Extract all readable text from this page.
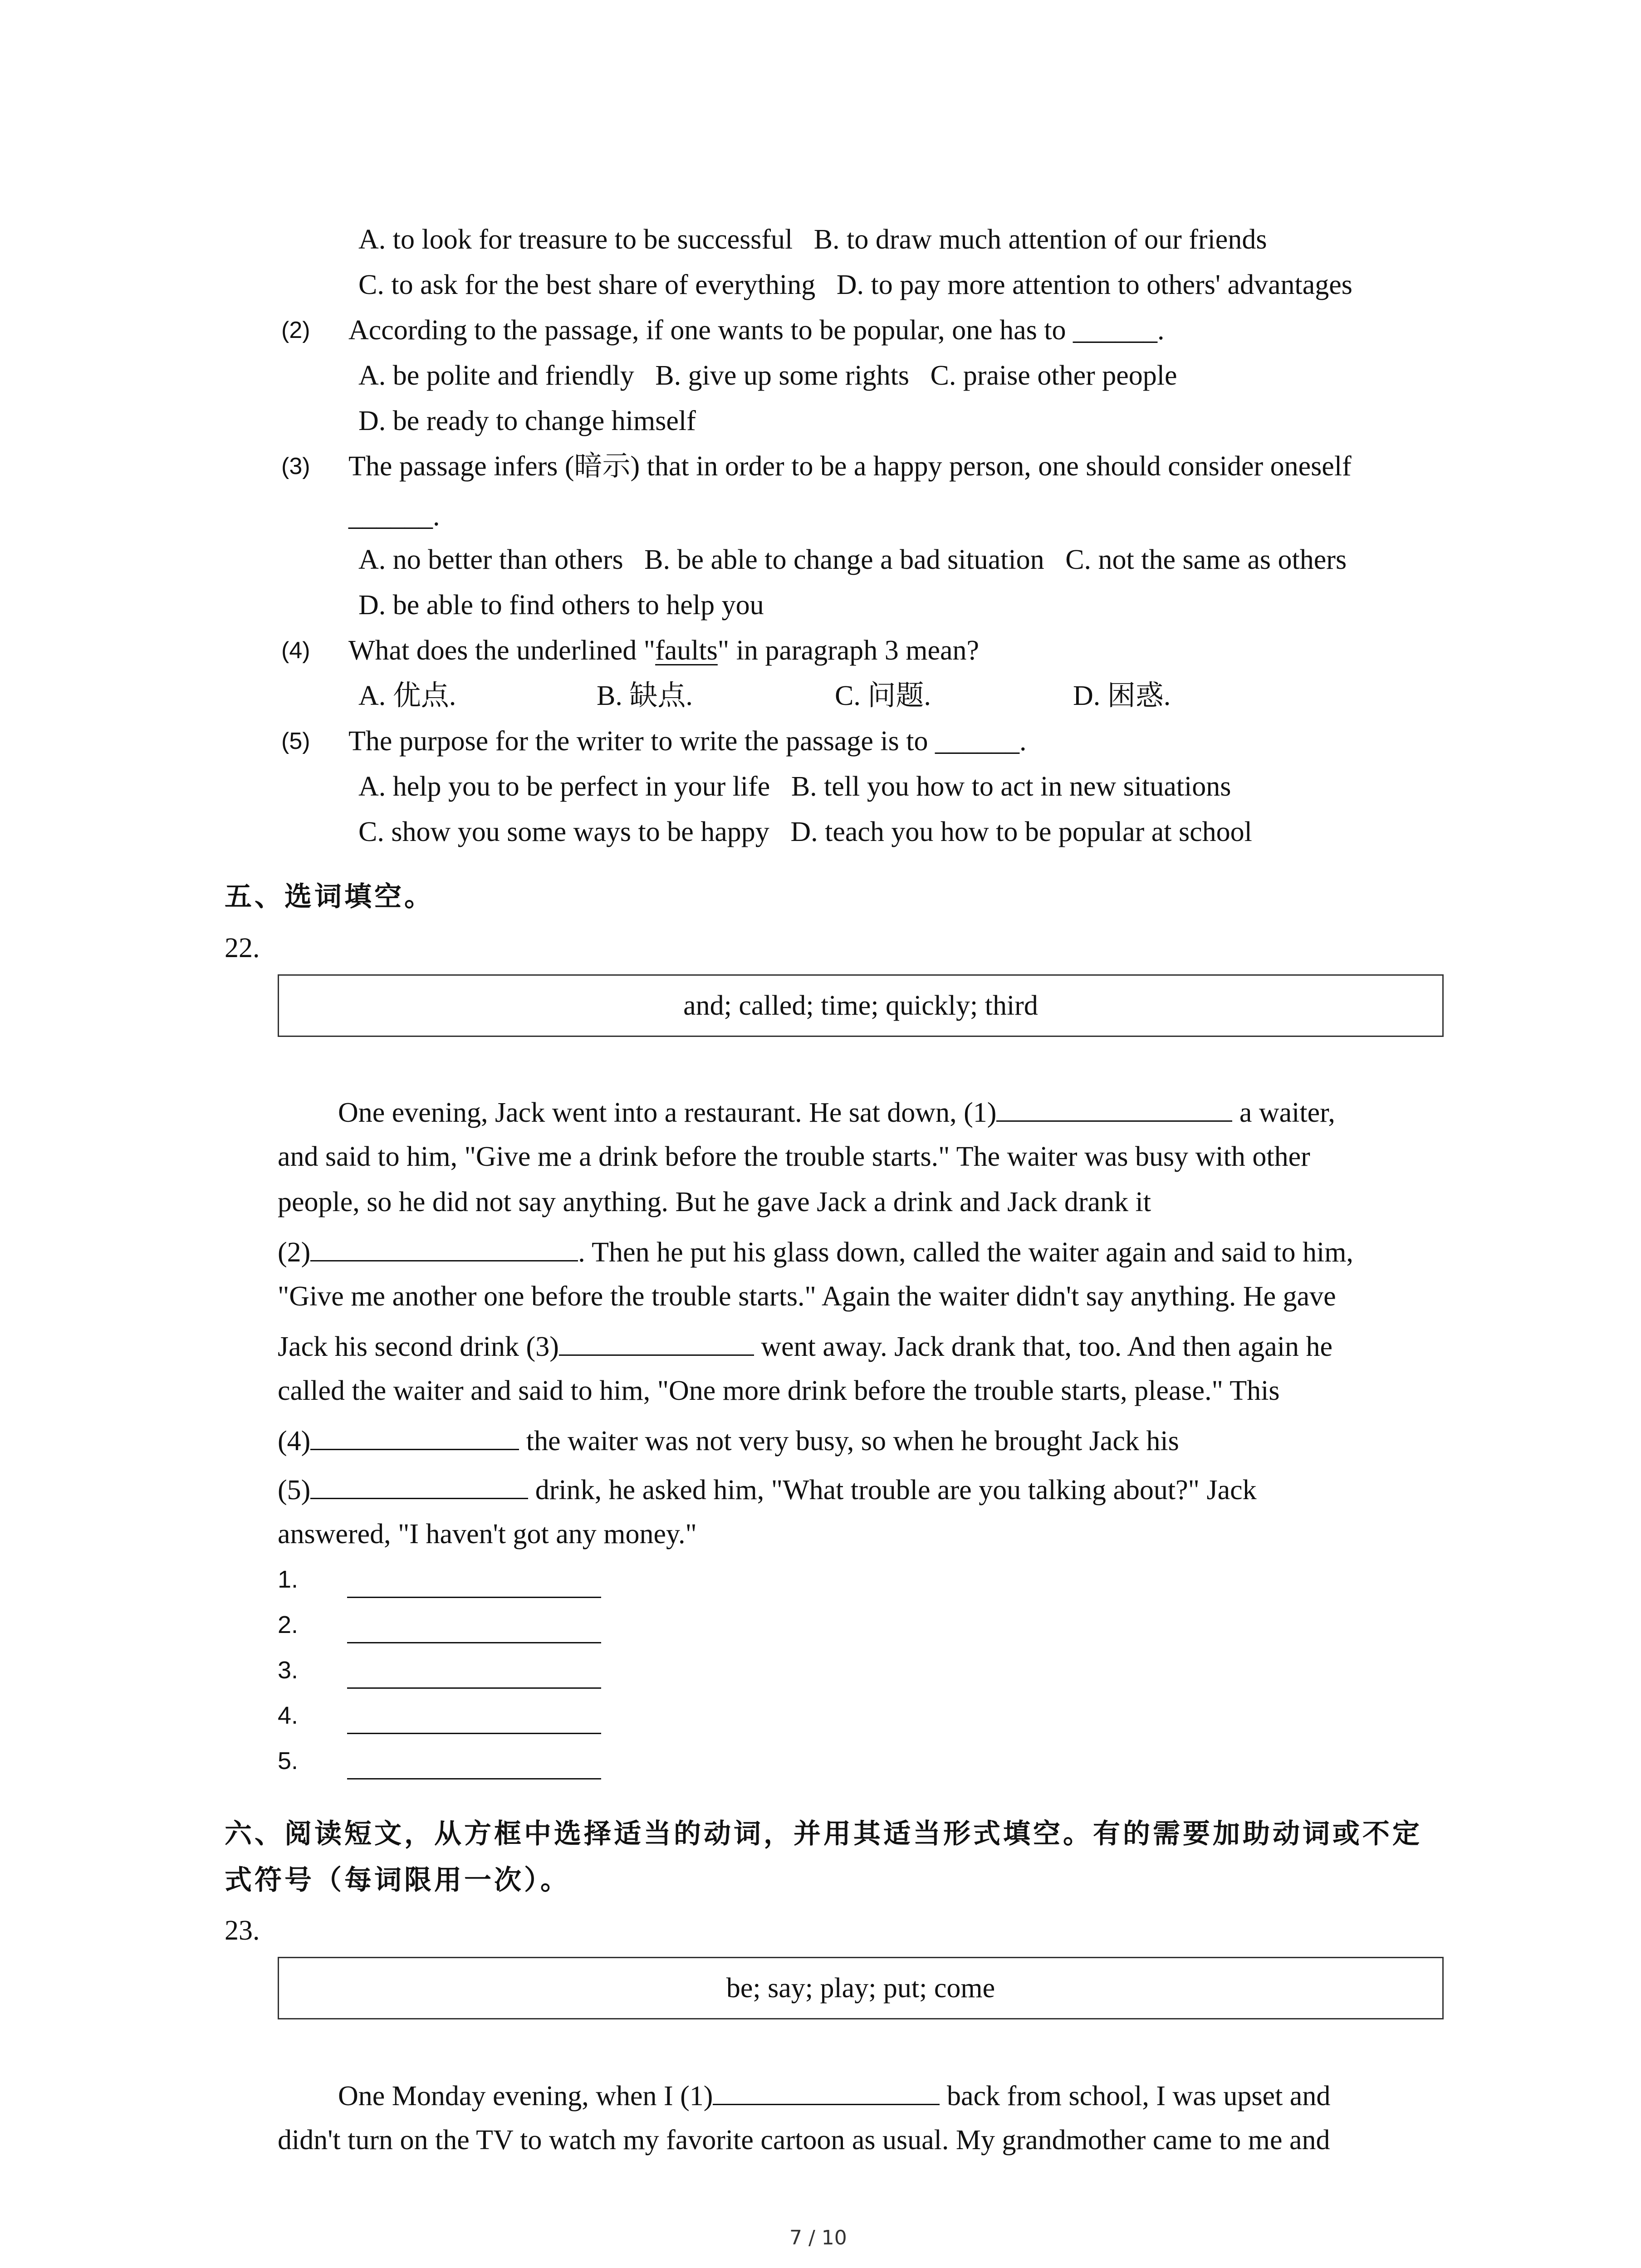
A. to look for treasure to be successful B. to draw much attention of our friends
C. to ask for the best share of everything D. to pay more attention to others' advantages
(2) According to the passage, if one wants to be popular, one has to ______.
A. be polite and friendly B. give up some rights C. praise other people
D. be ready to change himself
(3) The passage infers (暗示) that in order to be a happy person, one should consider oneself
______.
A. no better than others B. be able to change a bad situation C. not the same as others
D. be able to find others to help you
(4) What does the underlined "faults" in paragraph 3 mean?
A. 优点.	B. 缺点.	C. 问题.	D. 困惑.
(5) The purpose for the writer to write the passage is to ______.
A. help you to be perfect in your life B. tell you how to act in new situations
C. show you some ways to be happy D. teach you how to be popular at school
五、选词填空。
22.
and; called; time; quickly; third
One evening, Jack went into a restaurant. He sat down, (1)	a waiter,
and said to him, "Give me a drink before the trouble starts." The waiter was busy with other
people, so he did not say anything. But he gave Jack a drink and Jack drank it
(2)	. Then he put his glass down, called the waiter again and said to him,
"Give me another one before the trouble starts." Again the waiter didn't say anything. He gave
Jack his second drink (3)	went away. Jack drank that, too. And then again he
called the waiter and said to him, "One more drink before the trouble starts, please." This
(4)	the waiter was not very busy, so when he brought Jack his
(5)	drink, he asked him, "What trouble are you talking about?" Jack
answered, "I haven't got any money."
1.
2.
3.
4.
5.
六、阅读短文，从方框中选择适当的动词，并用其适当形式填空。有的需要加助动词或不定
式符号（每词限用一次）。
23.
be; say; play; put; come
One Monday evening, when I (1)	back from school, I was upset and
didn't turn on the TV to watch my favorite cartoon as usual. My grandmother came to me and
7 / 10
